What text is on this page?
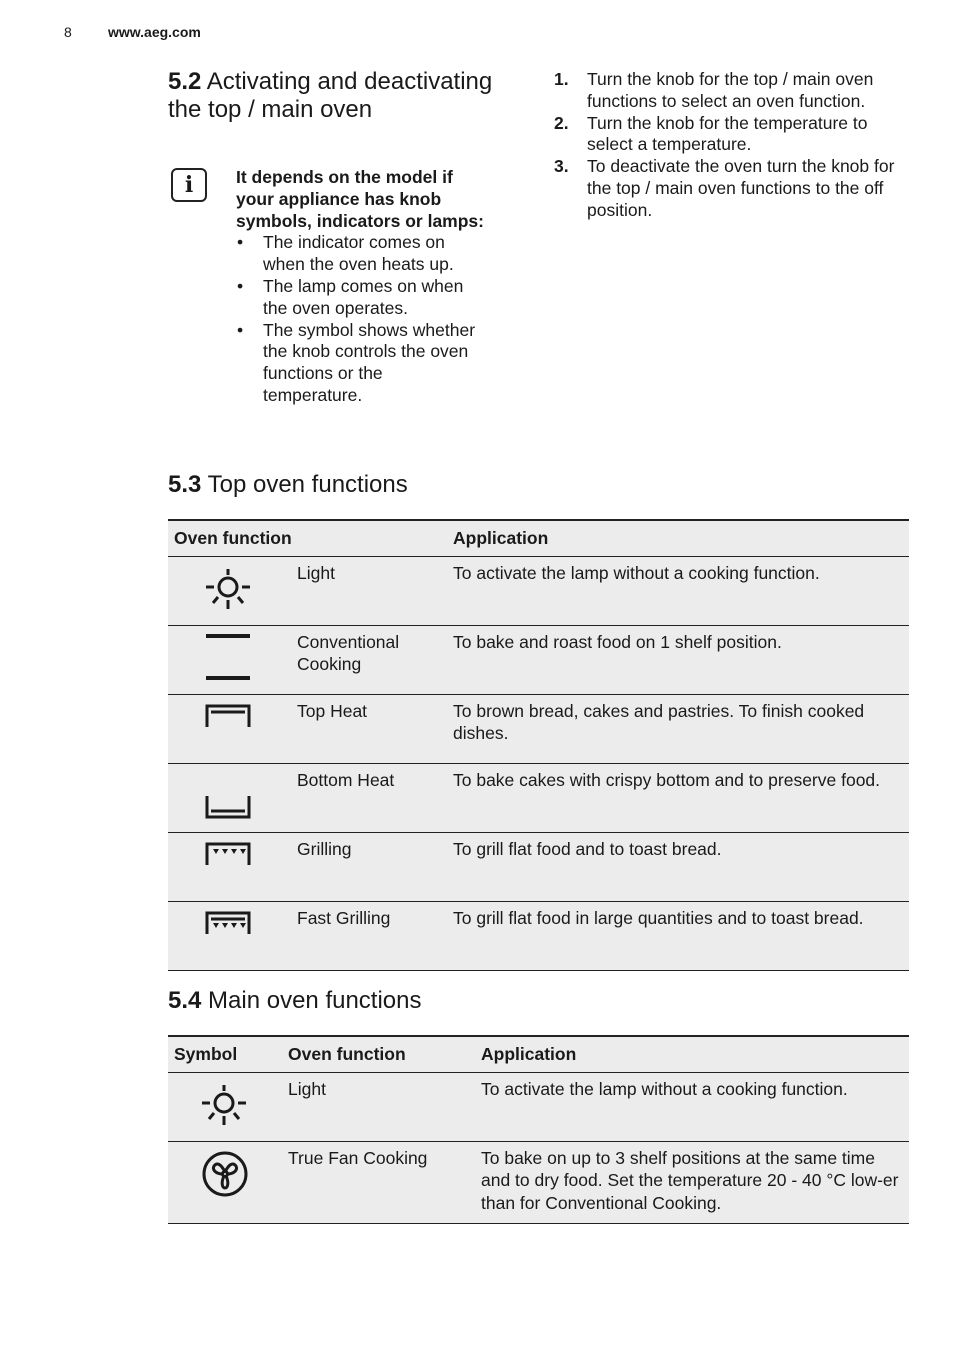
8	www.aeg.com
5.2 Activating and deactivating the top / main oven
i	It depends on the model if your appliance has knob symbols, indicators or lamps:
• The indicator comes on when the oven heats up.
• The lamp comes on when the oven operates.
• The symbol shows whether the knob controls the oven functions or the temperature.
1. Turn the knob for the top / main oven functions to select an oven function.
2. Turn the knob for the temperature to select a temperature.
3. To deactivate the oven turn the knob for the top / main oven functions to the off position.
5.3 Top oven functions
Oven function		Application

	Light	To activate the lamp without a cooking function.

	Conventional Cooking	To bake and roast food on 1 shelf position.

	Top Heat	To brown bread, cakes and pastries. To finish cooked dishes.

	Bottom Heat	To bake cakes with crispy bottom and to preserve food.

	Grilling	To grill flat food and to toast bread.

	Fast Grilling	To grill flat food in large quantities and to toast bread.
5.4 Main oven functions
Symbol	Oven function	Application

	Light	To activate the lamp without a cooking function.

	True Fan Cooking	To bake on up to 3 shelf positions at the same time and to dry food. Set the temperature 20 - 40 °C low-er than for Conventional Cooking.
